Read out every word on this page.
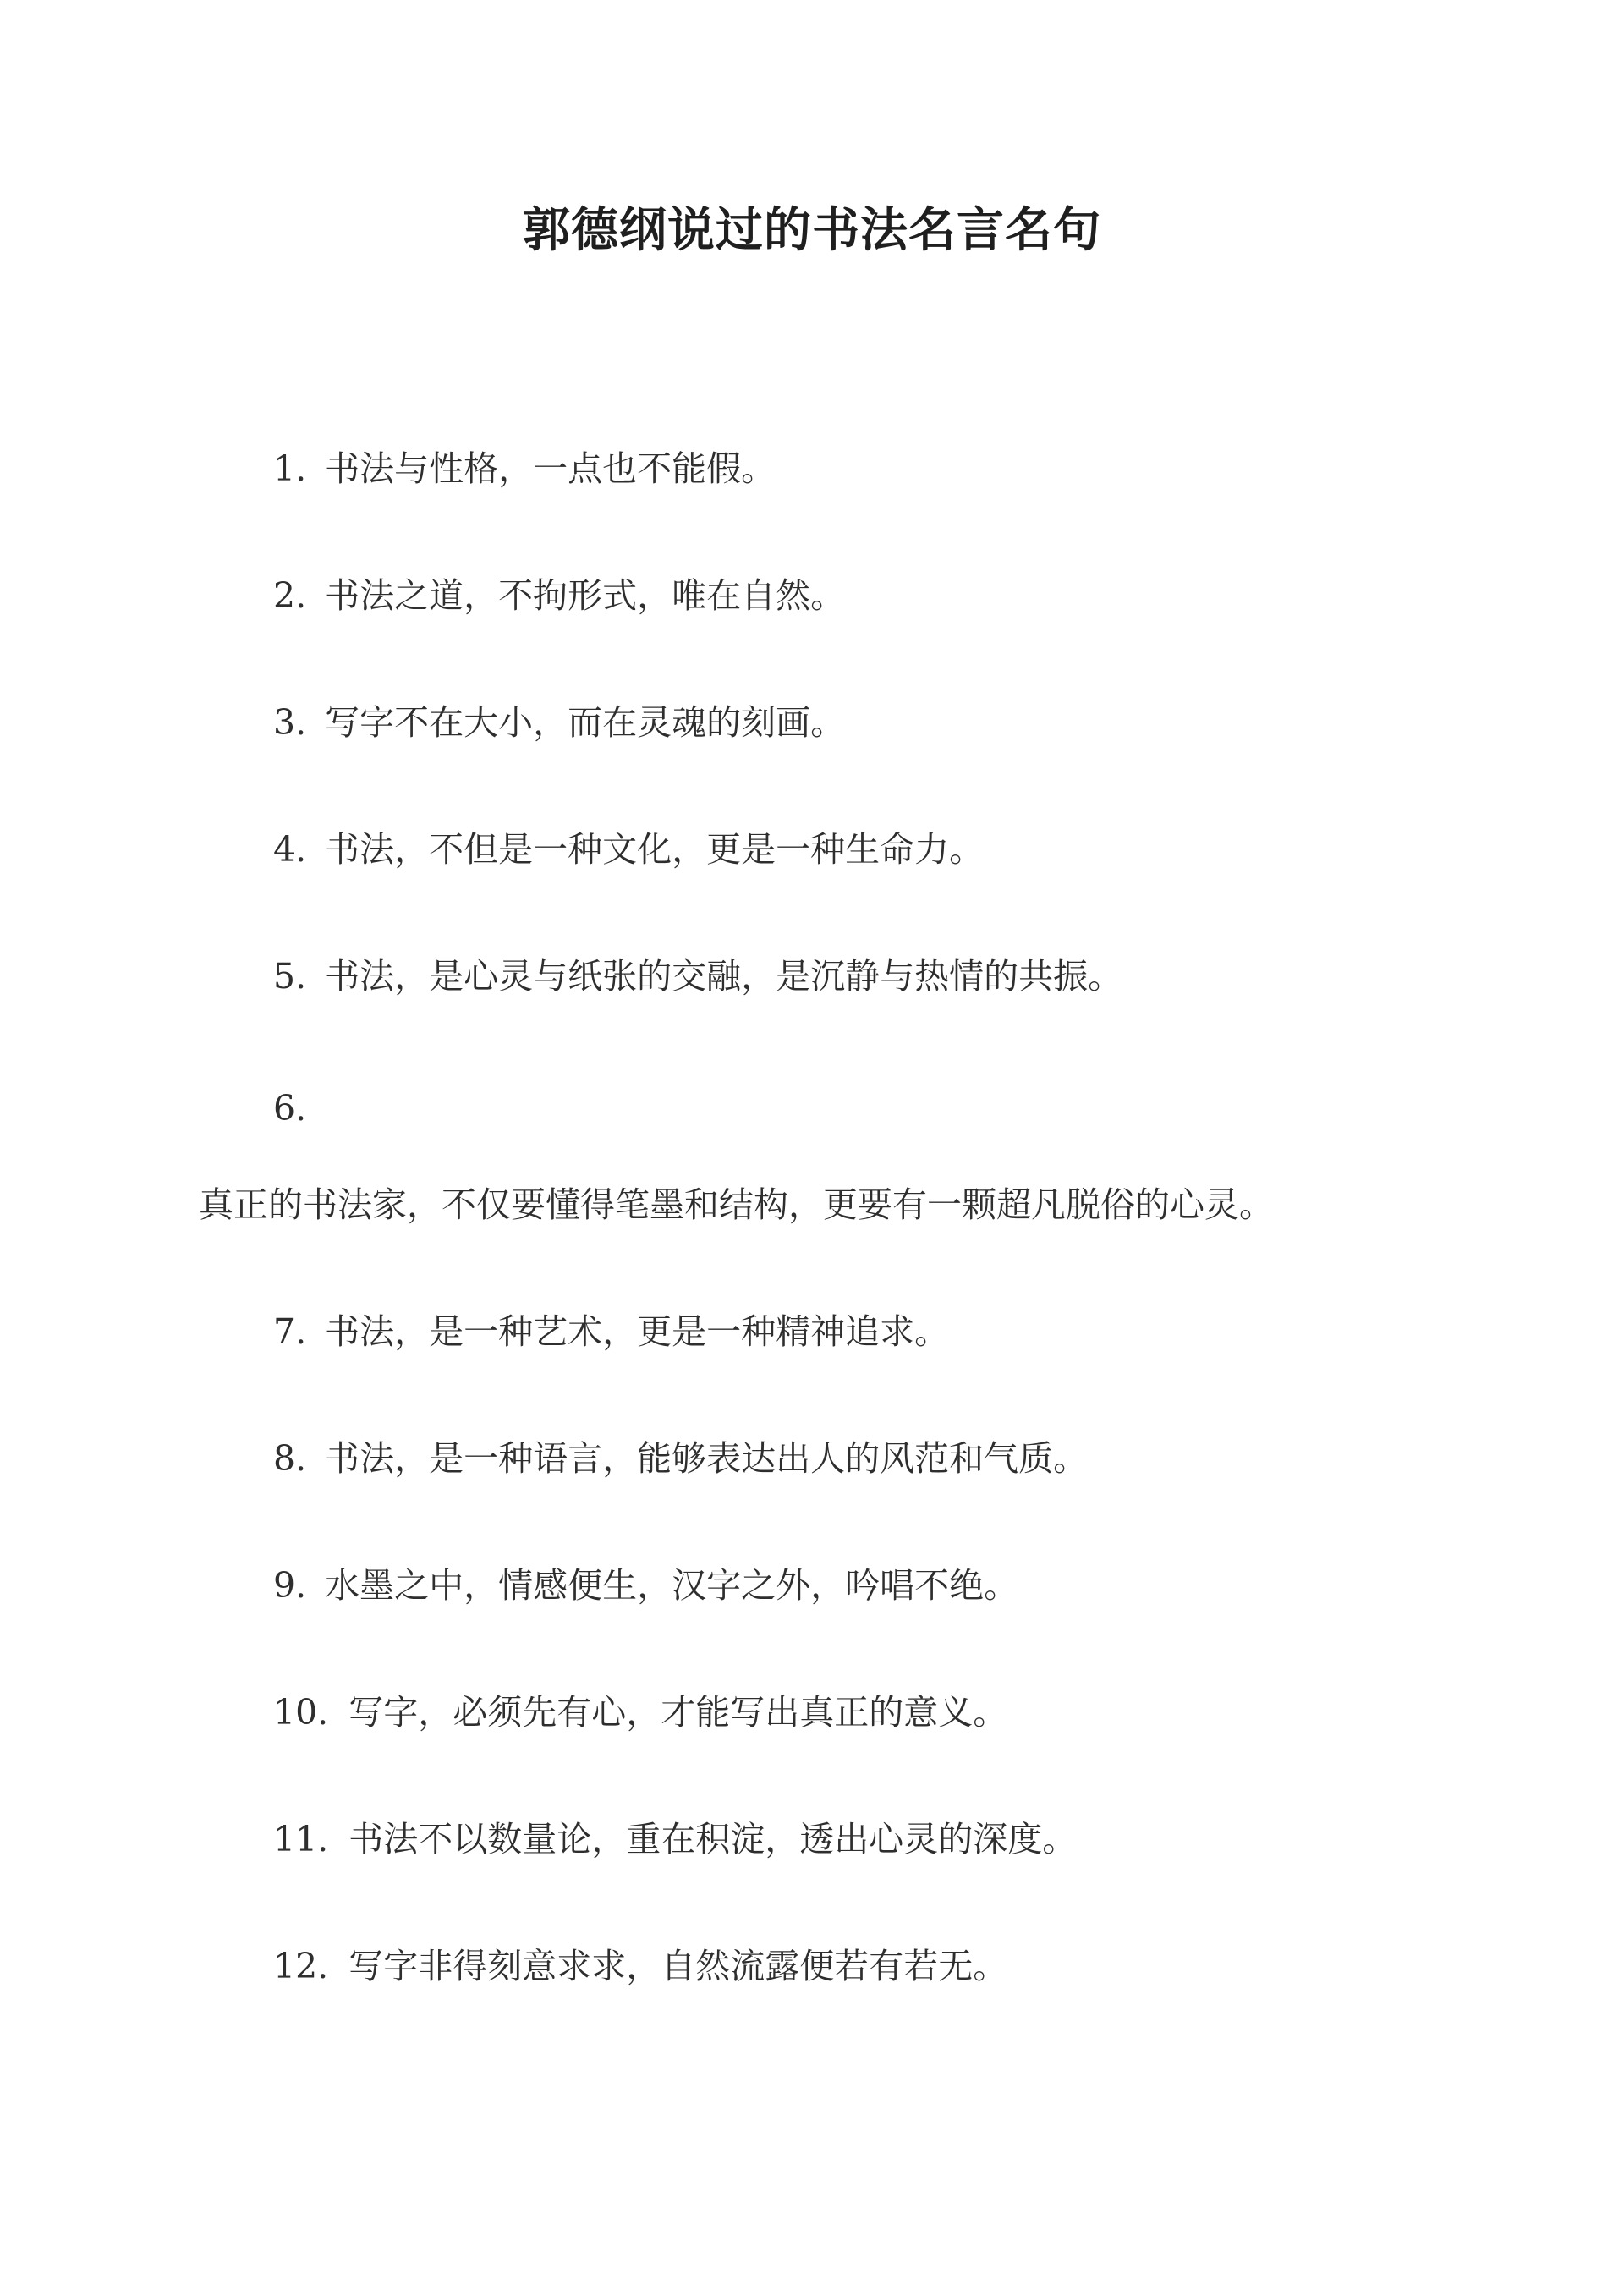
郭德纲说过的书法名言名句
1. 书法与性格，一点也不能假。
2. 书法之道，不拘形式，唯在自然。
3. 写字不在大小，而在灵魂的刻画。
4. 书法，不但是一种文化，更是一种生命力。
5. 书法，是心灵与纸张的交融，是沉静与热情的共振。
6.
真正的书法家，不仅要懂得笔墨和结构，更要有一颗超凡脱俗的心灵。
7. 书法，是一种艺术，更是一种精神追求。
8. 书法，是一种语言，能够表达出人的风范和气质。
9. 水墨之中，情感便生，汉字之外，吟唱不绝。
10. 写字，必须先有心，才能写出真正的意义。
11. 书法不以数量论，重在积淀，透出心灵的深度。
12. 写字非得刻意求求，自然流露便若有若无。
